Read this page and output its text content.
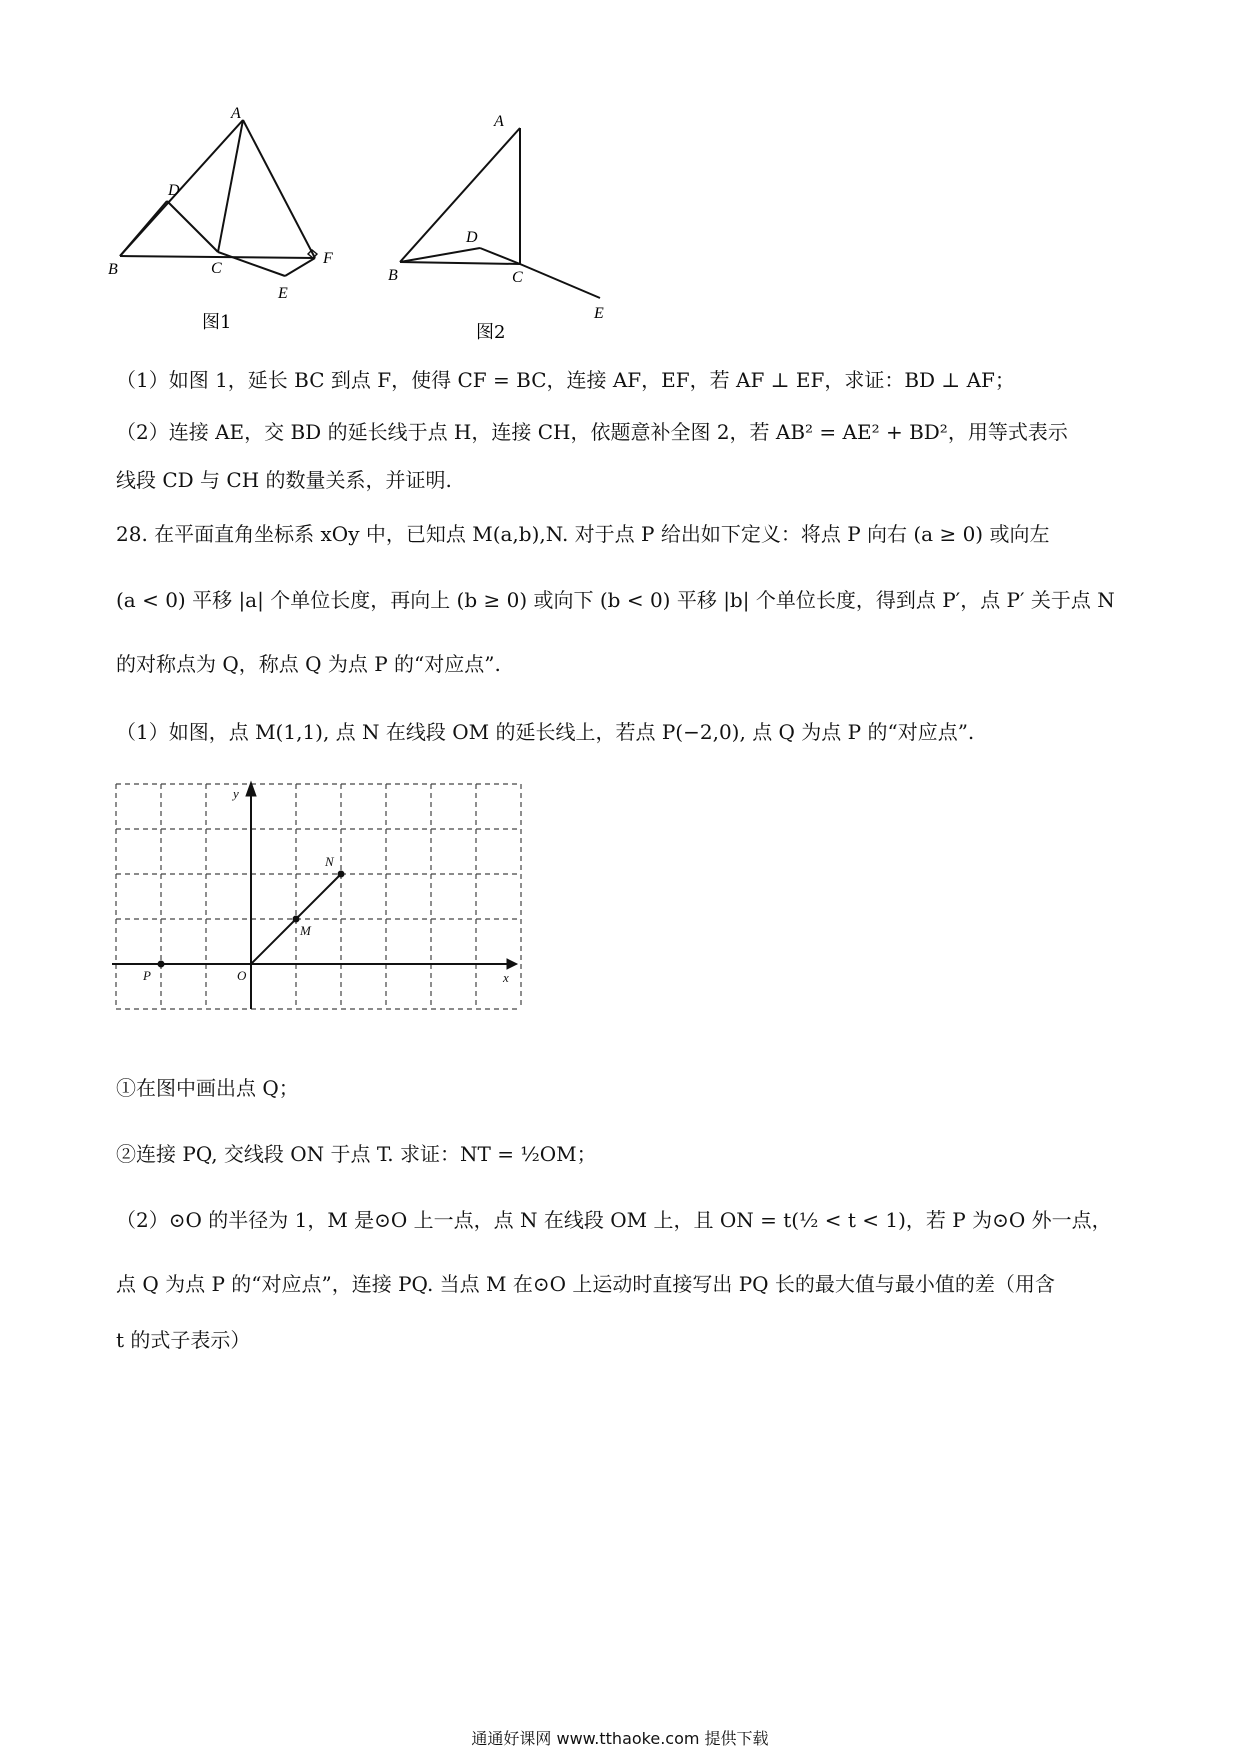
A
B	C
D
E
F
图1
A
B	C
D
E
图2
（1）如图 1，延长 BC 到点 F，使得 CF = BC，连接 AF，EF，若 AF ⊥ EF，求证：BD ⊥ AF；
（2）连接 AE，交 BD 的延长线于点 H，连接 CH，依题意补全图 2，若 AB² = AE² + BD²，用等式表示
线段 CD 与 CH 的数量关系，并证明.
28. 在平面直角坐标系 xOy 中，已知点 M(a,b),N. 对于点 P 给出如下定义：将点 P 向右 (a ≥ 0) 或向左
(a < 0) 平移 |a| 个单位长度，再向上 (b ≥ 0) 或向下 (b < 0) 平移 |b| 个单位长度，得到点 P′，点 P′ 关于点 N
的对称点为 Q，称点 Q 为点 P 的“对应点”.
（1）如图，点 M(1,1), 点 N 在线段 OM 的延长线上，若点 P(−2,0), 点 Q 为点 P 的“对应点”.
P	O
M
N
x
y
①在图中画出点 Q；
②连接 PQ, 交线段 ON 于点 T. 求证：NT = ½OM；
（2）⊙O 的半径为 1，M 是⊙O 上一点，点 N 在线段 OM 上，且 ON = t(½ < t < 1)，若 P 为⊙O 外一点，
点 Q 为点 P 的“对应点”，连接 PQ. 当点 M 在⊙O 上运动时直接写出 PQ 长的最大值与最小值的差（用含
t 的式子表示）
通通好课网 www.tthaoke.com 提供下载
